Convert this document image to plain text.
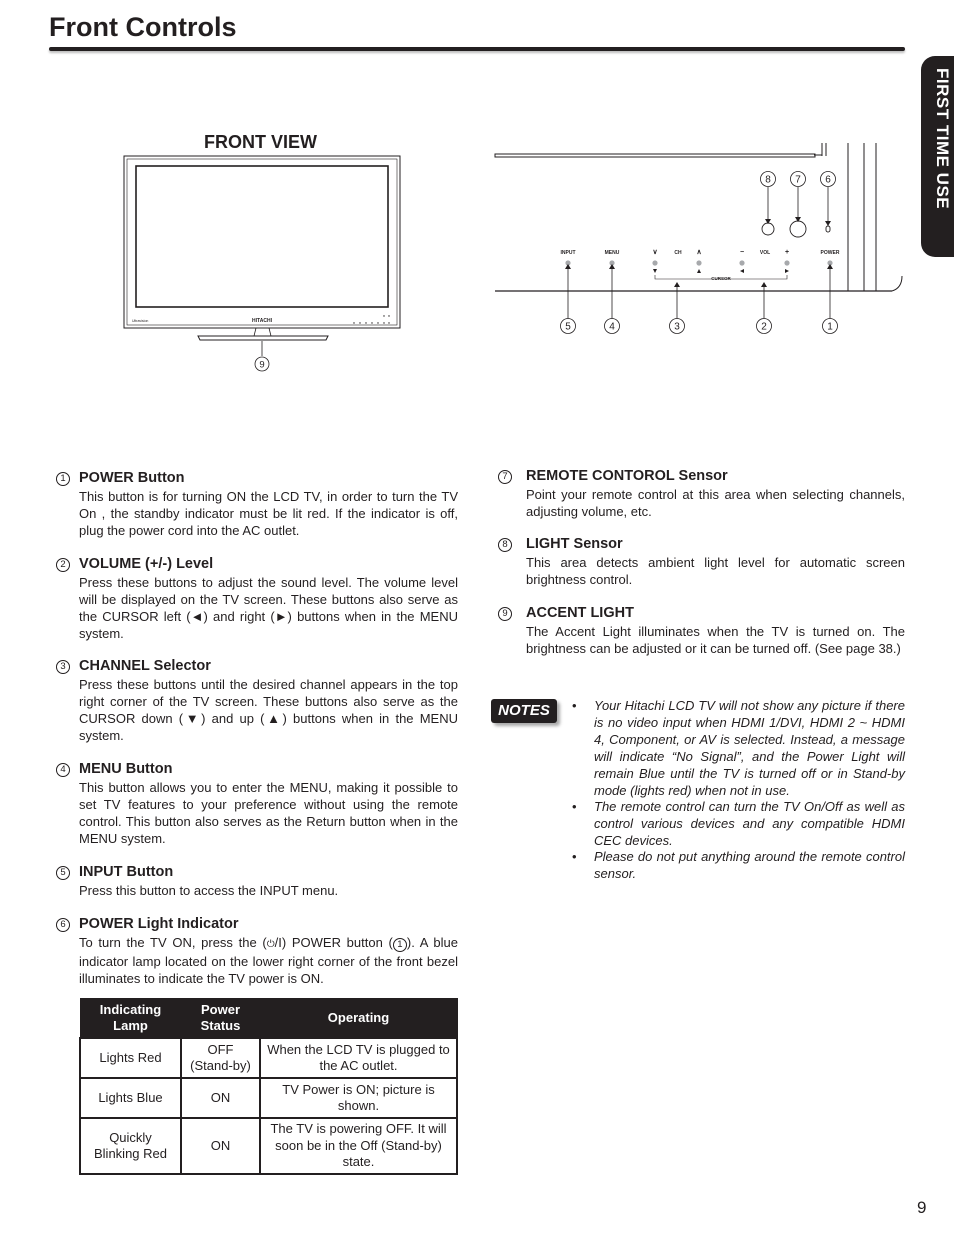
Front Controls
FIRST TIME USE
FRONT VIEW
Ultravision	HITACHI
9
INPUT	MENU	∨	CH ∧	−	VOL +	POWER
CURSOR
8 7 6
5	4	3	2	1
1 POWER Button
This button is for turning ON the LCD TV, in order to turn the TV On , the standby indicator must be lit red. If the indicator is off, plug the power cord into the AC outlet.
2 VOLUME (+/-) Level
Press these buttons to adjust the sound level. The volume level will be displayed on the TV screen. These buttons also serve as the CURSOR left (◄) and right (►) buttons when in the MENU system.
3 CHANNEL Selector
Press these buttons until the desired channel appears in the top right corner of the TV screen. These buttons also serve as the CURSOR down (▼) and up (▲) buttons when in the MENU system.
4 MENU Button
This button allows you to enter the MENU, making it possible to set TV features to your preference without using the remote control. This button also serves as the Return button when in the MENU system.
5 INPUT Button
Press this button to access the INPUT menu.
6 POWER Light Indicator
To turn the TV ON, press the (⏻/I) POWER button ( 1 ). A blue indicator lamp located on the lower right corner of the front bezel illuminates to indicate the TV power is ON.
Indicating Lamp	Power Status	Operating
Lights Red	OFF (Stand-by)	When the LCD TV is plugged to the AC outlet.
Lights Blue	ON	TV Power is ON; picture is shown.
Quickly Blinking Red	ON	The TV is powering OFF. It will soon be in the Off (Stand-by) state.
7	REMOTE CONTOROL Sensor
Point your remote control at this area when selecting channels, adjusting volume, etc.
8	LIGHT Sensor
This area detects ambient light level for automatic screen brightness control.
9	ACCENT LIGHT
The Accent Light illuminates when the TV is turned on. The brightness can be adjusted or it can be turned off. (See page 38.)
NOTES	• Your Hitachi LCD TV will not show any picture if there is no video input when HDMI 1/DVI, HDMI 2 ~ HDMI 4, Component, or AV is selected. Instead, a message will indicate “No Signal”, and the Power Light will remain Blue until the TV is turned off or in Stand-by mode (lights red) when not in use.
• The remote control can turn the TV On/Off as well as control various devices and any compatible HDMI CEC devices.
• Please do not put anything around the remote control sensor.
9
